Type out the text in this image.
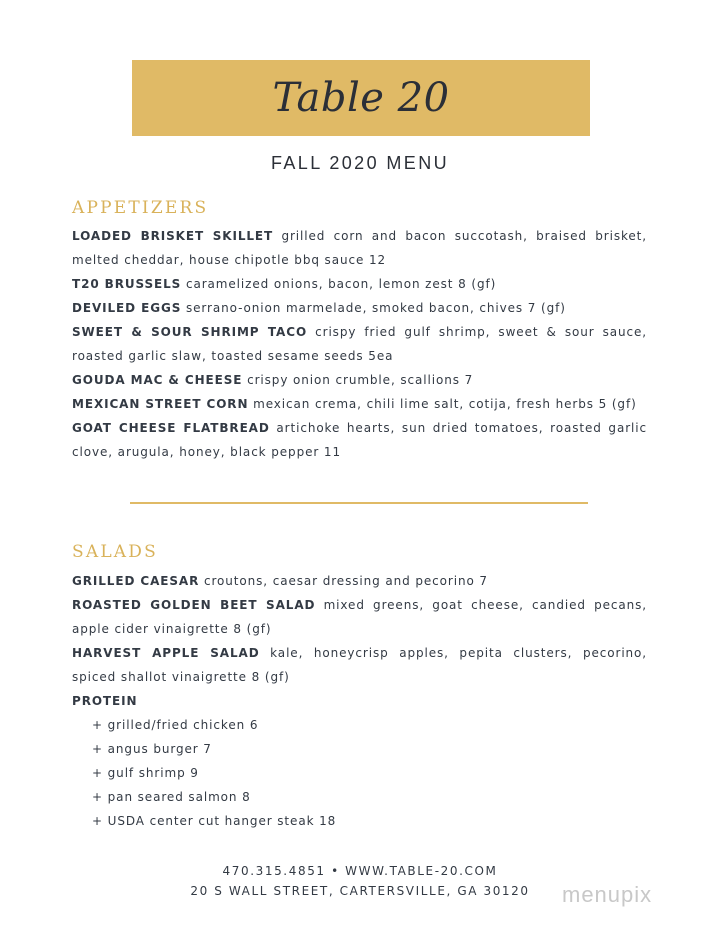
Table 20
FALL 2020 MENU
APPETIZERS

LOADED BRISKET SKILLET grilled corn and bacon succotash, braised brisket, melted cheddar, house chipotle bbq sauce 12

T20 BRUSSELS caramelized onions, bacon, lemon zest 8 (gf)

DEVILED EGGS serrano-onion marmelade, smoked bacon, chives 7 (gf)

SWEET & SOUR SHRIMP TACO crispy fried gulf shrimp, sweet & sour sauce, roasted garlic slaw, toasted sesame seeds 5ea

GOUDA MAC & CHEESE crispy onion crumble, scallions 7

MEXICAN STREET CORN mexican crema, chili lime salt, cotija, fresh herbs 5 (gf)

GOAT CHEESE FLATBREAD artichoke hearts, sun dried tomatoes, roasted garlic clove, arugula, honey, black pepper 11

SALADS

GRILLED CAESAR croutons, caesar dressing and pecorino 7

ROASTED GOLDEN BEET SALAD mixed greens, goat cheese, candied pecans, apple cider vinaigrette 8 (gf)

HARVEST APPLE SALAD kale, honeycrisp apples, pepita clusters, pecorino, spiced shallot vinaigrette 8 (gf)

PROTEIN

+ grilled/fried chicken 6

+ angus burger 7

+ gulf shrimp 9

+ pan seared salmon 8

+ USDA center cut hanger steak 18

470.315.4851 • WWW.TABLE-20.COM
20 S WALL STREET, CARTERSVILLE, GA 30120	menupix
